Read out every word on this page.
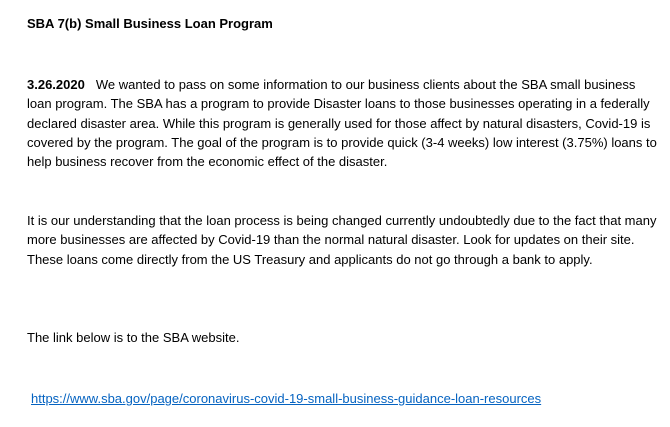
SBA 7(b) Small Business Loan Program
3.26.2020 We wanted to pass on some information to our business clients about the SBA small business loan program. The SBA has a program to provide Disaster loans to those businesses operating in a federally declared disaster area. While this program is generally used for those affect by natural disasters, Covid-19 is covered by the program. The goal of the program is to provide quick (3-4 weeks) low interest (3.75%) loans to help business recover from the economic effect of the disaster.
It is our understanding that the loan process is being changed currently undoubtedly due to the fact that many more businesses are affected by Covid-19 than the normal natural disaster. Look for updates on their site. These loans come directly from the US Treasury and applicants do not go through a bank to apply.
The link below is to the SBA website.
https://www.sba.gov/page/coronavirus-covid-19-small-business-guidance-loan-resources
